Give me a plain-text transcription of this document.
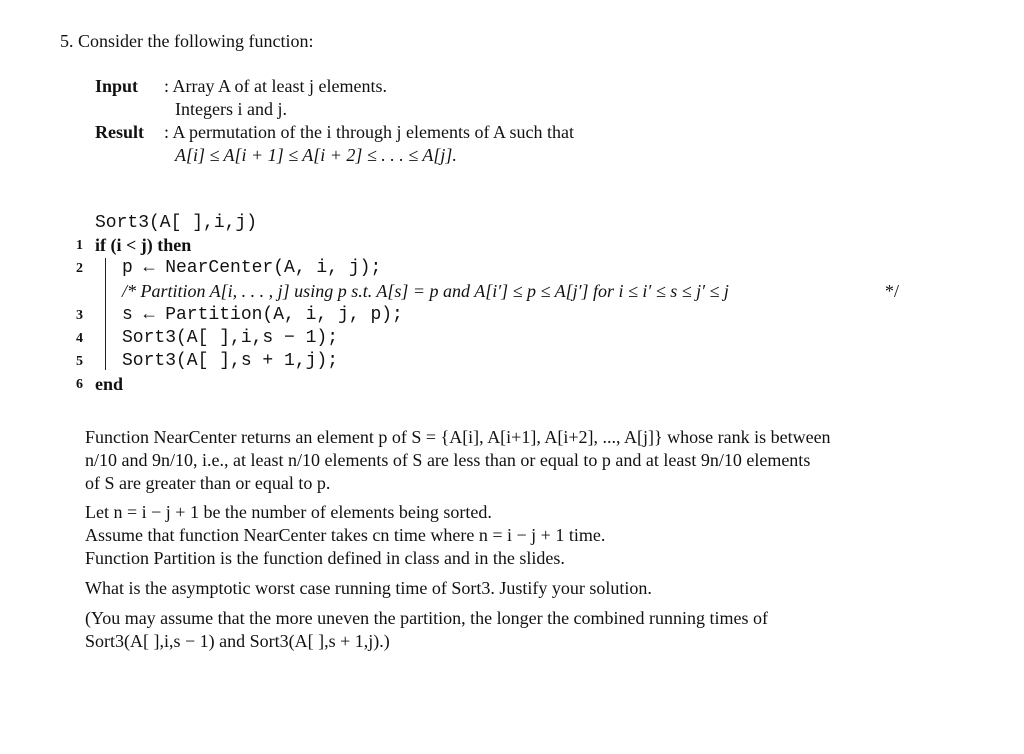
5. Consider the following function:
Input : Array A of at least j elements.
Integers i and j.
Result : A permutation of the i through j elements of A such that
A[i] ≤ A[i + 1] ≤ A[i + 2] ≤ . . . ≤ A[j].
Sort3(A[ ],i,j)
1 if (i < j) then
2 p ← NearCenter(A, i, j);
/* Partition A[i, . . . , j] using p s.t. A[s] = p and A[i′] ≤ p ≤ A[j′] for i ≤ i′ ≤ s ≤ j′ ≤ j	*/
3 s ← Partition(A, i, j, p);
4 Sort3(A[ ],i,s − 1);
5 Sort3(A[ ],s + 1,j);
6 end
Function NearCenter returns an element p of S = {A[i], A[i+1], A[i+2], ..., A[j]} whose rank is between
n/10 and 9n/10, i.e., at least n/10 elements of S are less than or equal to p and at least 9n/10 elements
of S are greater than or equal to p.
Let n = i − j + 1 be the number of elements being sorted.
Assume that function NearCenter takes cn time where n = i − j + 1 time.
Function Partition is the function defined in class and in the slides.
What is the asymptotic worst case running time of Sort3. Justify your solution.
(You may assume that the more uneven the partition, the longer the combined running times of
Sort3(A[ ],i,s − 1) and Sort3(A[ ],s + 1,j).)
